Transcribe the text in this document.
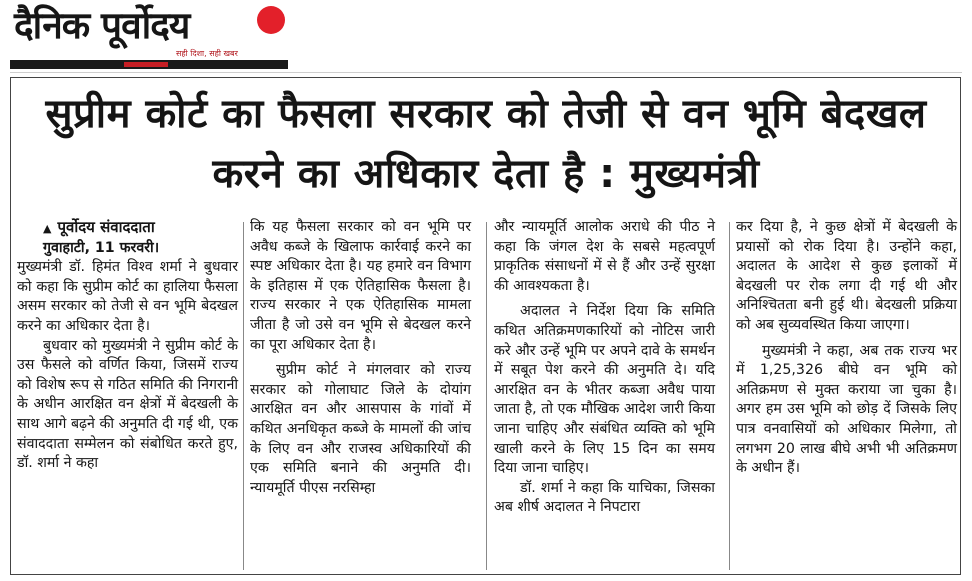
दैनिक पूर्वोदय
सही दिशा, सही खबर
सुप्रीम कोर्ट का फैसला सरकार को तेजी से वन भूमि बेदखल करने का अधिकार देता है : मुख्यमंत्री
▲ पूर्वोदय संवाददाता
गुवाहाटी, 11 फरवरी।

मुख्यमंत्री डॉ. हिमंत विश्व शर्मा ने बुधवार को कहा कि सुप्रीम कोर्ट का हालिया फैसला असम सरकार को तेजी से वन भूमि बेदखल करने का अधिकार देता है।

बुधवार को मुख्यमंत्री ने सुप्रीम कोर्ट के उस फैसले को वर्णित किया, जिसमें राज्य को विशेष रूप से गठित समिति की निगरानी के अधीन आरक्षित वन क्षेत्रों में बेदखली के साथ आगे बढ़ने की अनुमति दी गई थी, एक संवाददाता सम्मेलन को संबोधित करते हुए, डॉ. शर्मा ने कहा

कि यह फैसला सरकार को वन भूमि पर अवैध कब्जे के खिलाफ कार्रवाई करने का स्पष्ट अधिकार देता है। यह हमारे वन विभाग के इतिहास में एक ऐतिहासिक फैसला है। राज्य सरकार ने एक ऐतिहासिक मामला जीता है जो उसे वन भूमि से बेदखल करने का पूरा अधिकार देता है।

सुप्रीम कोर्ट ने मंगलवार को राज्य सरकार को गोलाघाट जिले के दोयांग आरक्षित वन और आसपास के गांवों में कथित अनधिकृत कब्जे के मामलों की जांच के लिए वन और राजस्व अधिकारियों की एक समिति बनाने की अनुमति दी। न्यायमूर्ति पीएस नरसिम्हा

और न्यायमूर्ति आलोक अराधे की पीठ ने कहा कि जंगल देश के सबसे महत्वपूर्ण प्राकृतिक संसाधनों में से हैं और उन्हें सुरक्षा की आवश्यकता है।

अदालत ने निर्देश दिया कि समिति कथित अतिक्रमणकारियों को नोटिस जारी करे और उन्हें भूमि पर अपने दावे के समर्थन में सबूत पेश करने की अनुमति दे। यदि आरक्षित वन के भीतर कब्जा अवैध पाया जाता है, तो एक मौखिक आदेश जारी किया जाना चाहिए और संबंधित व्यक्ति को भूमि खाली करने के लिए 15 दिन का समय दिया जाना चाहिए।

डॉ. शर्मा ने कहा कि याचिका, जिसका अब शीर्ष अदालत ने निपटारा

कर दिया है, ने कुछ क्षेत्रों में बेदखली के प्रयासों को रोक दिया है। उन्होंने कहा, अदालत के आदेश से कुछ इलाकों में बेदखली पर रोक लगा दी गई थी और अनिश्चितता बनी हुई थी। बेदखली प्रक्रिया को अब सुव्यवस्थित किया जाएगा।

मुख्यमंत्री ने कहा, अब तक राज्य भर में 1,25,326 बीघे वन भूमि को अतिक्रमण से मुक्त कराया जा चुका है। अगर हम उस भूमि को छोड़ दें जिसके लिए पात्र वनवासियों को अधिकार मिलेगा, तो लगभग 20 लाख बीघे अभी भी अतिक्रमण के अधीन हैं।
